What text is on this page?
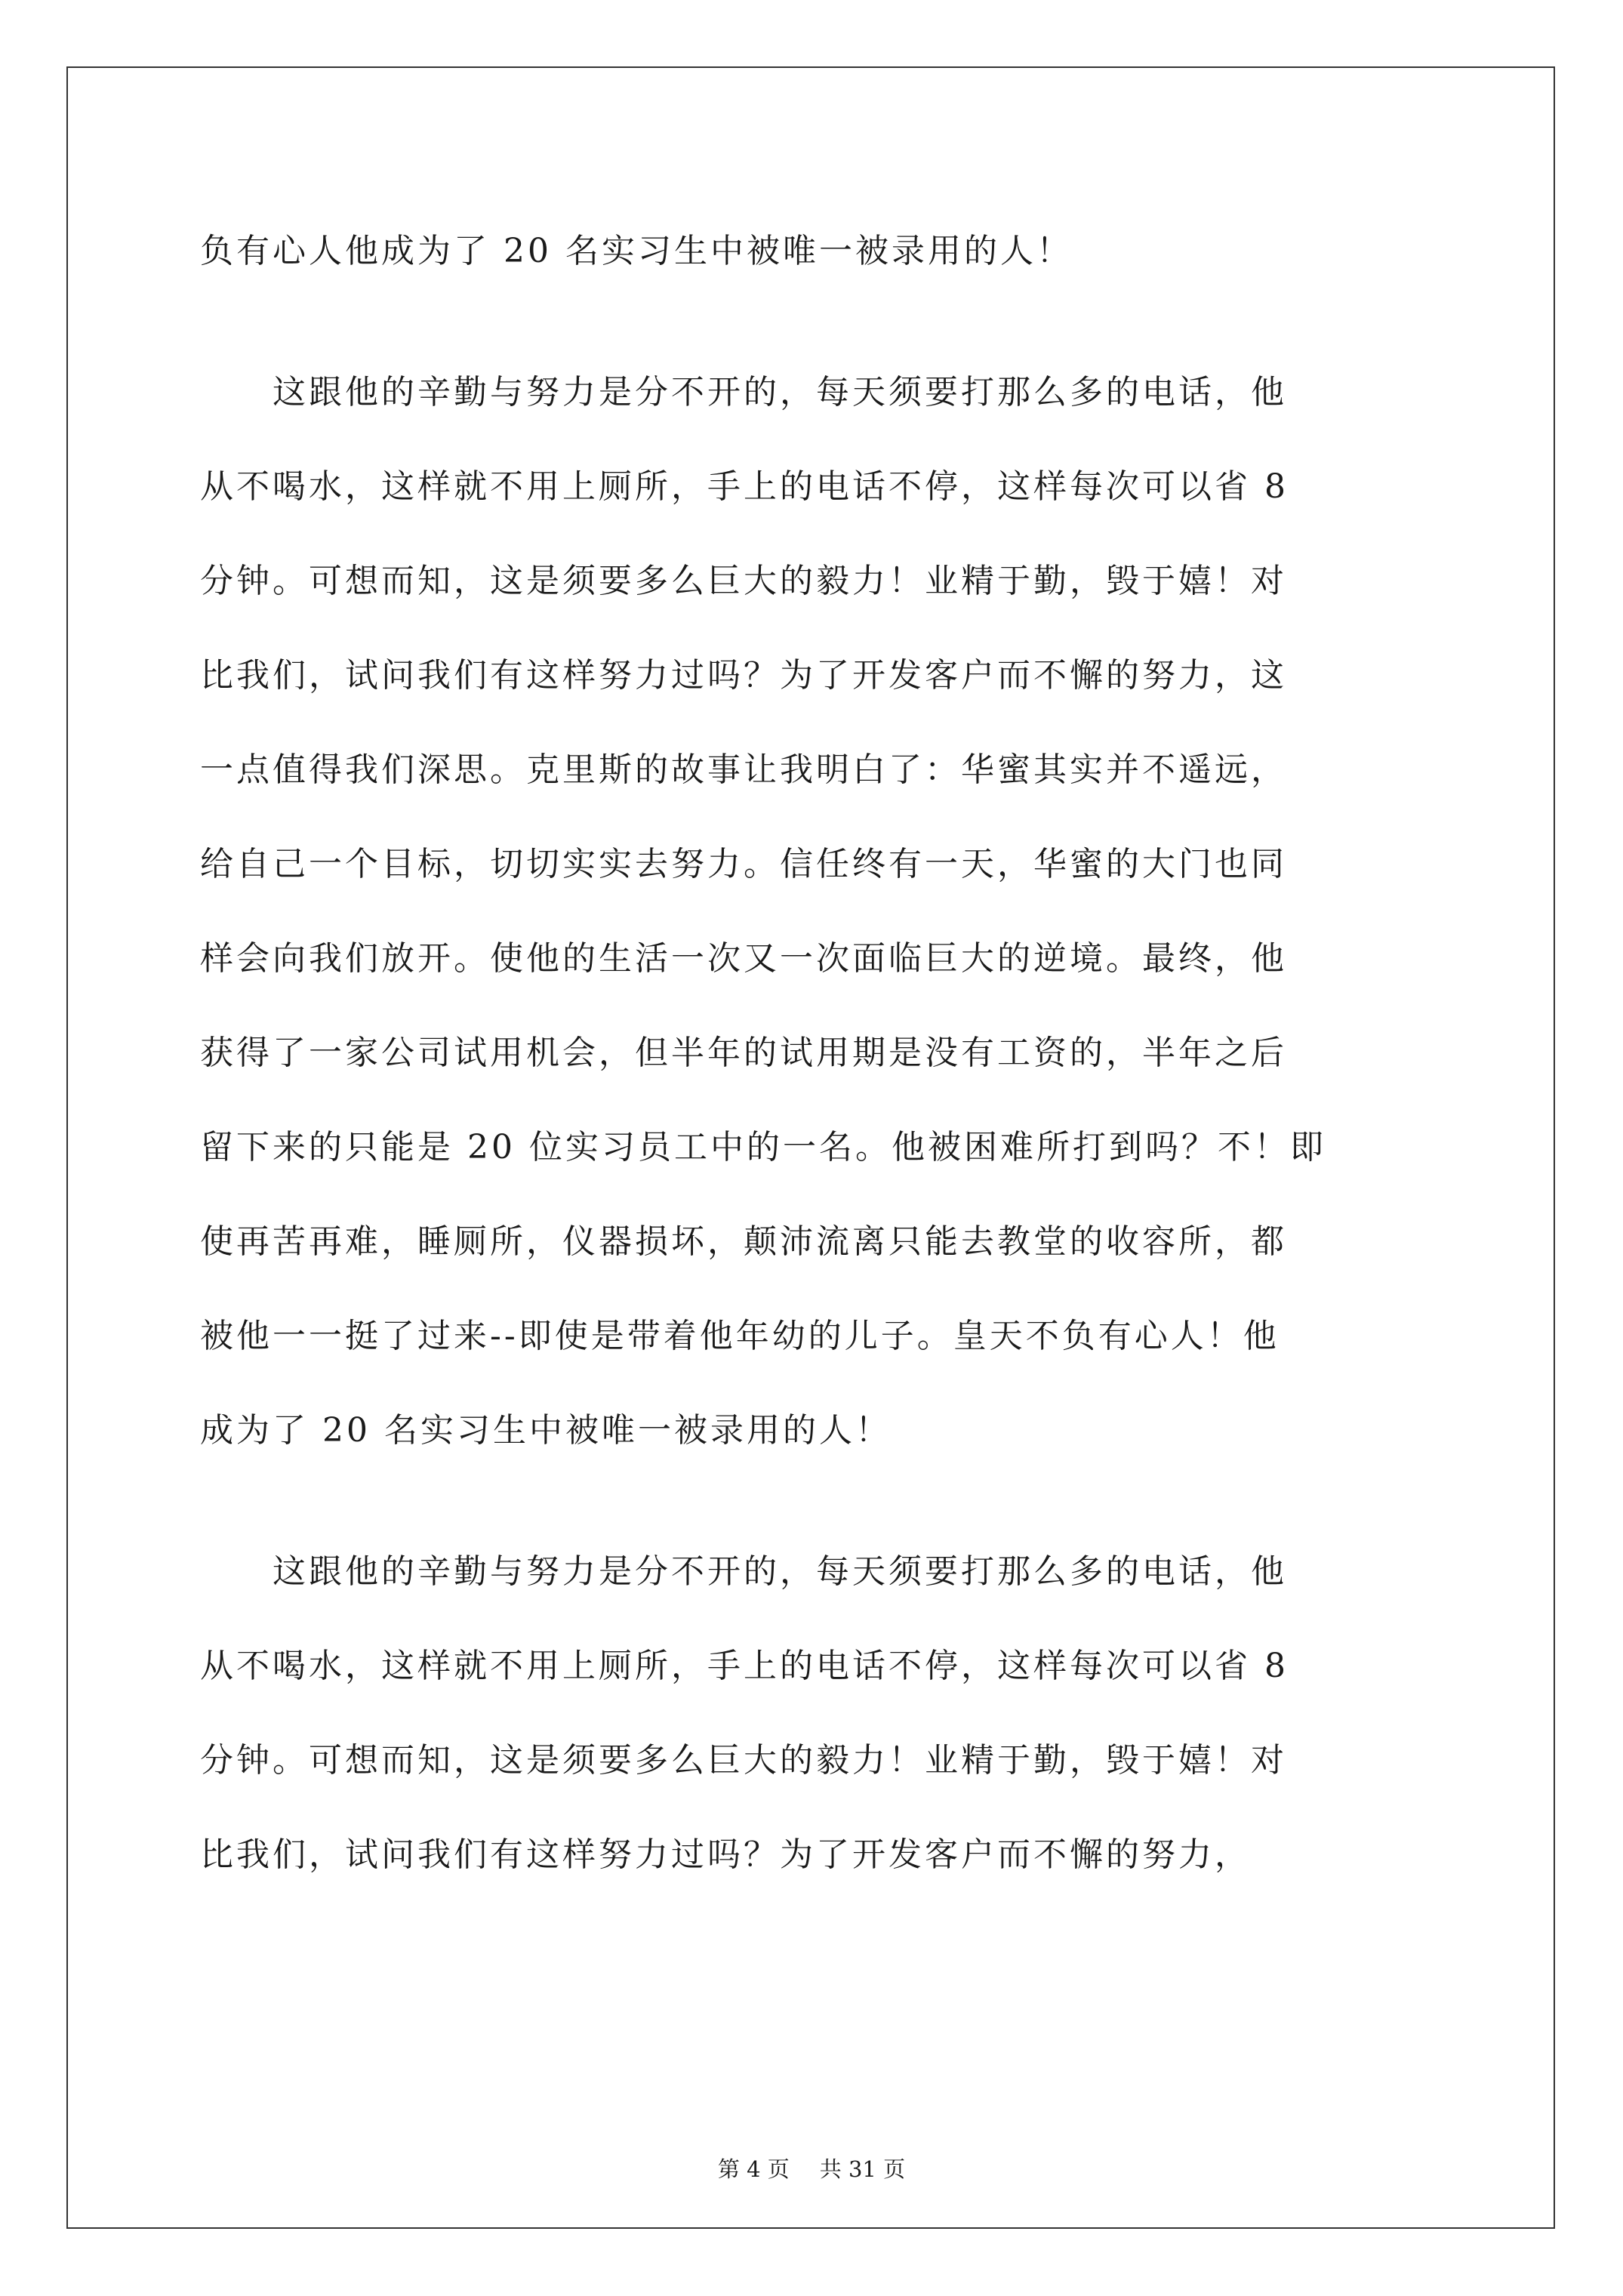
负有心人他成为了 20 名实习生中被唯一被录用的人！
　　这跟他的辛勤与努力是分不开的，每天须要打那么多的电话，他
从不喝水，这样就不用上厕所，手上的电话不停，这样每次可以省 8
分钟。可想而知，这是须要多么巨大的毅力！业精于勤，毁于嬉！对
比我们，试问我们有这样努力过吗？为了开发客户而不懈的努力，这
一点值得我们深思。克里斯的故事让我明白了：华蜜其实并不遥远，
给自己一个目标，切切实实去努力。信任终有一天，华蜜的大门也同
样会向我们放开。使他的生活一次又一次面临巨大的逆境。最终，他
获得了一家公司试用机会，但半年的试用期是没有工资的，半年之后
留下来的只能是 20 位实习员工中的一名。他被困难所打到吗？不！即
使再苦再难，睡厕所，仪器损坏，颠沛流离只能去教堂的收容所，都
被他一一挺了过来--即使是带着他年幼的儿子。皇天不负有心人！他
成为了 20 名实习生中被唯一被录用的人！
　　这跟他的辛勤与努力是分不开的，每天须要打那么多的电话，他
从不喝水，这样就不用上厕所，手上的电话不停，这样每次可以省 8
分钟。可想而知，这是须要多么巨大的毅力！业精于勤，毁于嬉！对
比我们，试问我们有这样努力过吗？为了开发客户而不懈的努力，
第 4 页 共 31 页
